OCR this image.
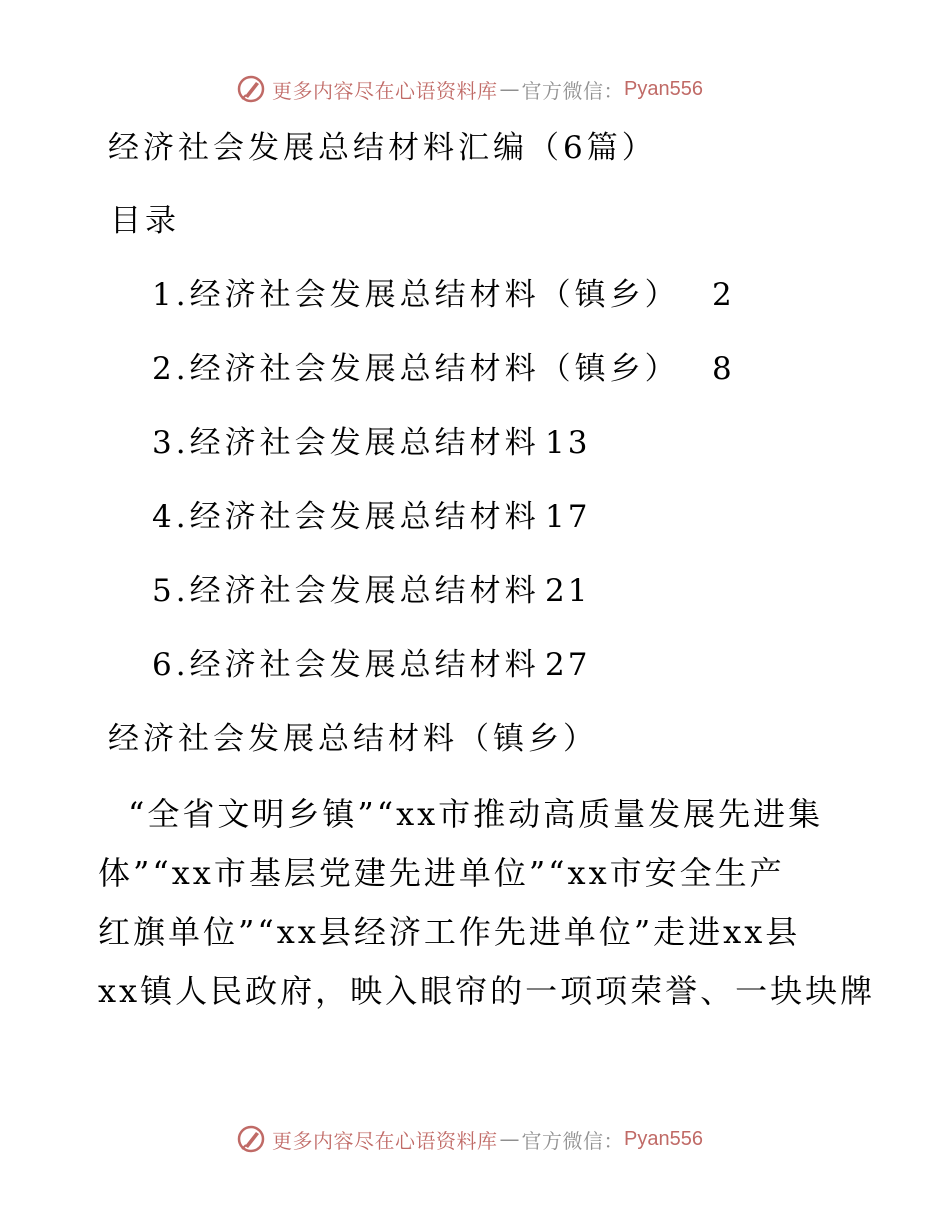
更多内容尽在心语资料库 — 官方微信： Pyan556
经济社会发展总结材料汇编（6篇）
目录
1.经济社会发展总结材料（镇乡） 2
2.经济社会发展总结材料（镇乡） 8
3.经济社会发展总结材料 13
4.经济社会发展总结材料 17
5.经济社会发展总结材料 21
6.经济社会发展总结材料 27
经济社会发展总结材料（镇乡）
“全省文明乡镇”“xx市推动高质量发展先进集
体”“xx市基层党建先进单位”“xx市安全生产
红旗单位”“xx县经济工作先进单位”走进xx县
xx镇人民政府，映入眼帘的一项项荣誉、一块块牌
更多内容尽在心语资料库 — 官方微信： Pyan556
